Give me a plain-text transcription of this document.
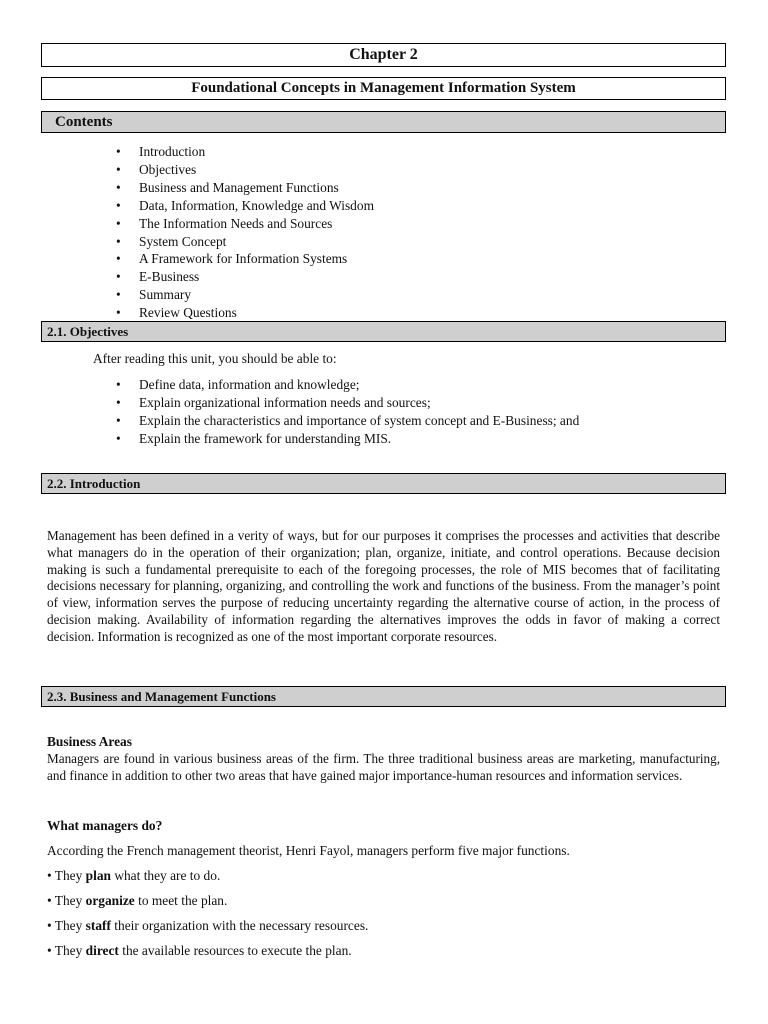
Chapter 2
Foundational Concepts in Management Information System
Contents
• Introduction
• Objectives
• Business and Management Functions
• Data, Information, Knowledge and Wisdom
• The Information Needs and Sources
• System Concept
• A Framework for Information Systems
• E-Business
• Summary
• Review Questions
2.1. Objectives

After reading this unit, you should be able to:

• Define data, information and knowledge;
• Explain organizational information needs and sources;
• Explain the characteristics and importance of system concept and E-Business; and
• Explain the framework for understanding MIS.
2.2. Introduction

Management has been defined in a verity of ways, but for our purposes it comprises the processes and activities that describe what managers do in the operation of their organization; plan, organize, initiate, and control operations. Because decision making is such a fundamental prerequisite to each of the foregoing processes, the role of MIS becomes that of facilitating decisions necessary for planning, organizing, and controlling the work and functions of the business. From the manager’s point of view, information serves the purpose of reducing uncertainty regarding the alternative course of action, in the process of decision making. Availability of information regarding the alternatives improves the odds in favor of making a correct decision. Information is recognized as one of the most important corporate resources.

2.3. Business and Management Functions

Business Areas

Managers are found in various business areas of the firm. The three traditional business areas are marketing, manufacturing, and finance in addition to other two areas that have gained major importance-human resources and information services.

What managers do?

According the French management theorist, Henri Fayol, managers perform five major functions.

• They plan what they are to do.

• They organize to meet the plan.

• They staff their organization with the necessary resources.

• They direct the available resources to execute the plan.
